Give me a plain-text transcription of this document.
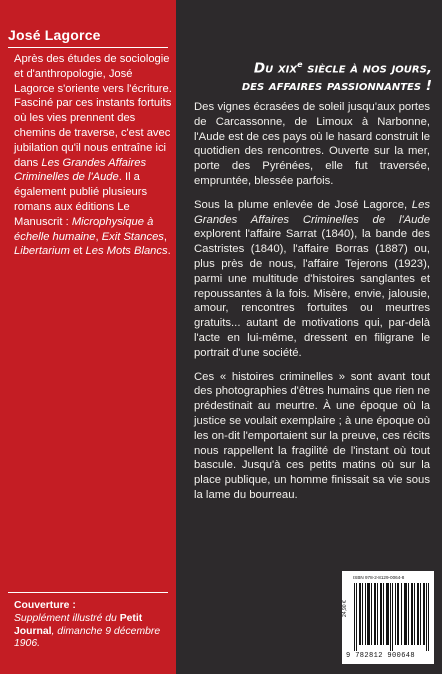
José Lagorce

Après des études de sociologie et d'anthropologie, José Lagorce s'oriente vers l'écriture. Fasciné par ces instants fortuits où les vies prennent des chemins de traverse, c'est avec jubilation qu'il nous entraîne ici dans Les Grandes Affaires Criminelles de l'Aude. Il a également publié plusieurs romans aux éditions Le Manuscrit : Microphysique à échelle humaine, Exit Stances, Libertarium et Les Mots Blancs.

Couverture :
Supplément illustré du Petit Journal, dimanche 9 décembre 1906.

Du xix$^e$ siècle à nos jours,
des affaires passionnantes !

Des vignes écrasées de soleil jusqu'aux portes de Carcassonne, de Limoux à Narbonne, l'Aude est de ces pays où le hasard construit le quotidien des rencontres. Ouverte sur la mer, porte des Pyrénées, elle fut traversée, empruntée, blessée parfois.

Sous la plume enlevée de José Lagorce, Les Grandes Affaires Criminelles de l'Aude explorent l'affaire Sarrat (1840), la bande des Castristes (1840), l'affaire Borras (1887) ou, plus près de nous, l'affaire Tejerons (1923), parmi une multitude d'histoires sanglantes et repoussantes à la fois. Misère, envie, jalousie, amour, rencontres fortuites ou meurtres gratuits... autant de motivations qui, par-delà l'acte en lui-même, dressent en filigrane le portrait d'une société.

Ces « histoires criminelles » sont avant tout des photographies d'êtres humains que rien ne prédestinait au meurtre. À une époque où la justice se voulait exemplaire ; à une époque où les on-dit l'emportaient sur la preuve, ces récits nous rappellent la fragilité de l'instant où tout bascule. Jusqu'à ces petits matins où sur la place publique, un homme finissait sa vie sous la lame du bourreau.

ISBN 978-2-8129-0064-8
24,90 €
9 782812 900648
